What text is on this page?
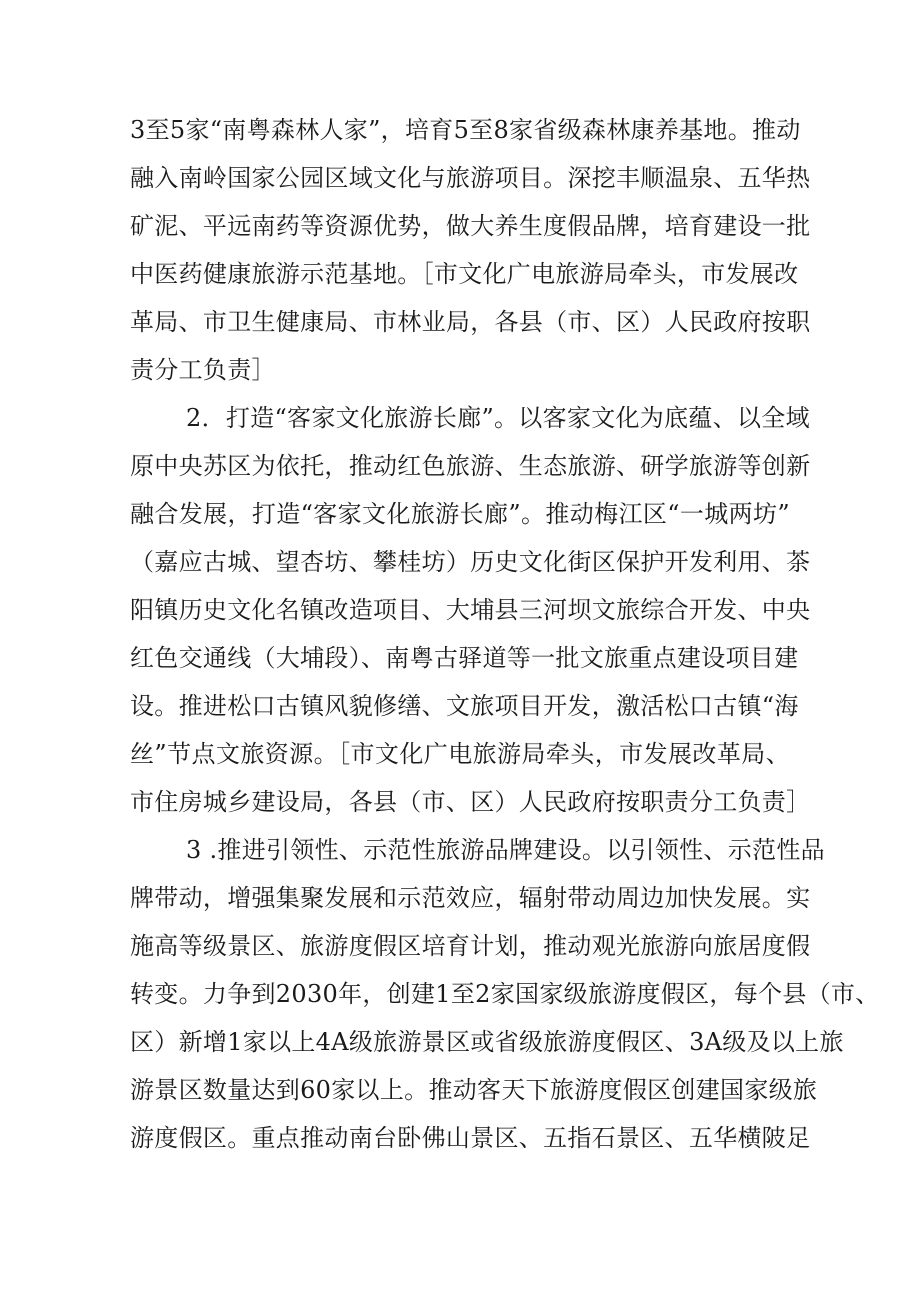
3至5家“南粤森林人家”，培育5至8家省级森林康养基地。推动
融入南岭国家公园区域文化与旅游项目。深挖丰顺温泉、五华热
矿泥、平远南药等资源优势，做大养生度假品牌，培育建设一批
中医药健康旅游示范基地。［市文化广电旅游局牵头，市发展改
革局、市卫生健康局、市林业局，各县（市、区）人民政府按职
责分工负责］
2．打造“客家文化旅游长廊”。以客家文化为底蕴、以全域
原中央苏区为依托，推动红色旅游、生态旅游、研学旅游等创新
融合发展，打造“客家文化旅游长廊”。推动梅江区“一城两坊”
（嘉应古城、望杏坊、攀桂坊）历史文化街区保护开发利用、茶
阳镇历史文化名镇改造项目、大埔县三河坝文旅综合开发、中央
红色交通线（大埔段）、南粤古驿道等一批文旅重点建设项目建
设。推进松口古镇风貌修缮、文旅项目开发，激活松口古镇“海
丝”节点文旅资源。［市文化广电旅游局牵头，市发展改革局、
市住房城乡建设局，各县（市、区）人民政府按职责分工负责］
3 .推进引领性、示范性旅游品牌建设。以引领性、示范性品
牌带动，增强集聚发展和示范效应，辐射带动周边加快发展。实
施高等级景区、旅游度假区培育计划，推动观光旅游向旅居度假
转变。力争到2030年，创建1至2家国家级旅游度假区，每个县（市、
区）新增1家以上4A级旅游景区或省级旅游度假区、3A级及以上旅
游景区数量达到60家以上。推动客天下旅游度假区创建国家级旅
游度假区。重点推动南台卧佛山景区、五指石景区、五华横陂足
